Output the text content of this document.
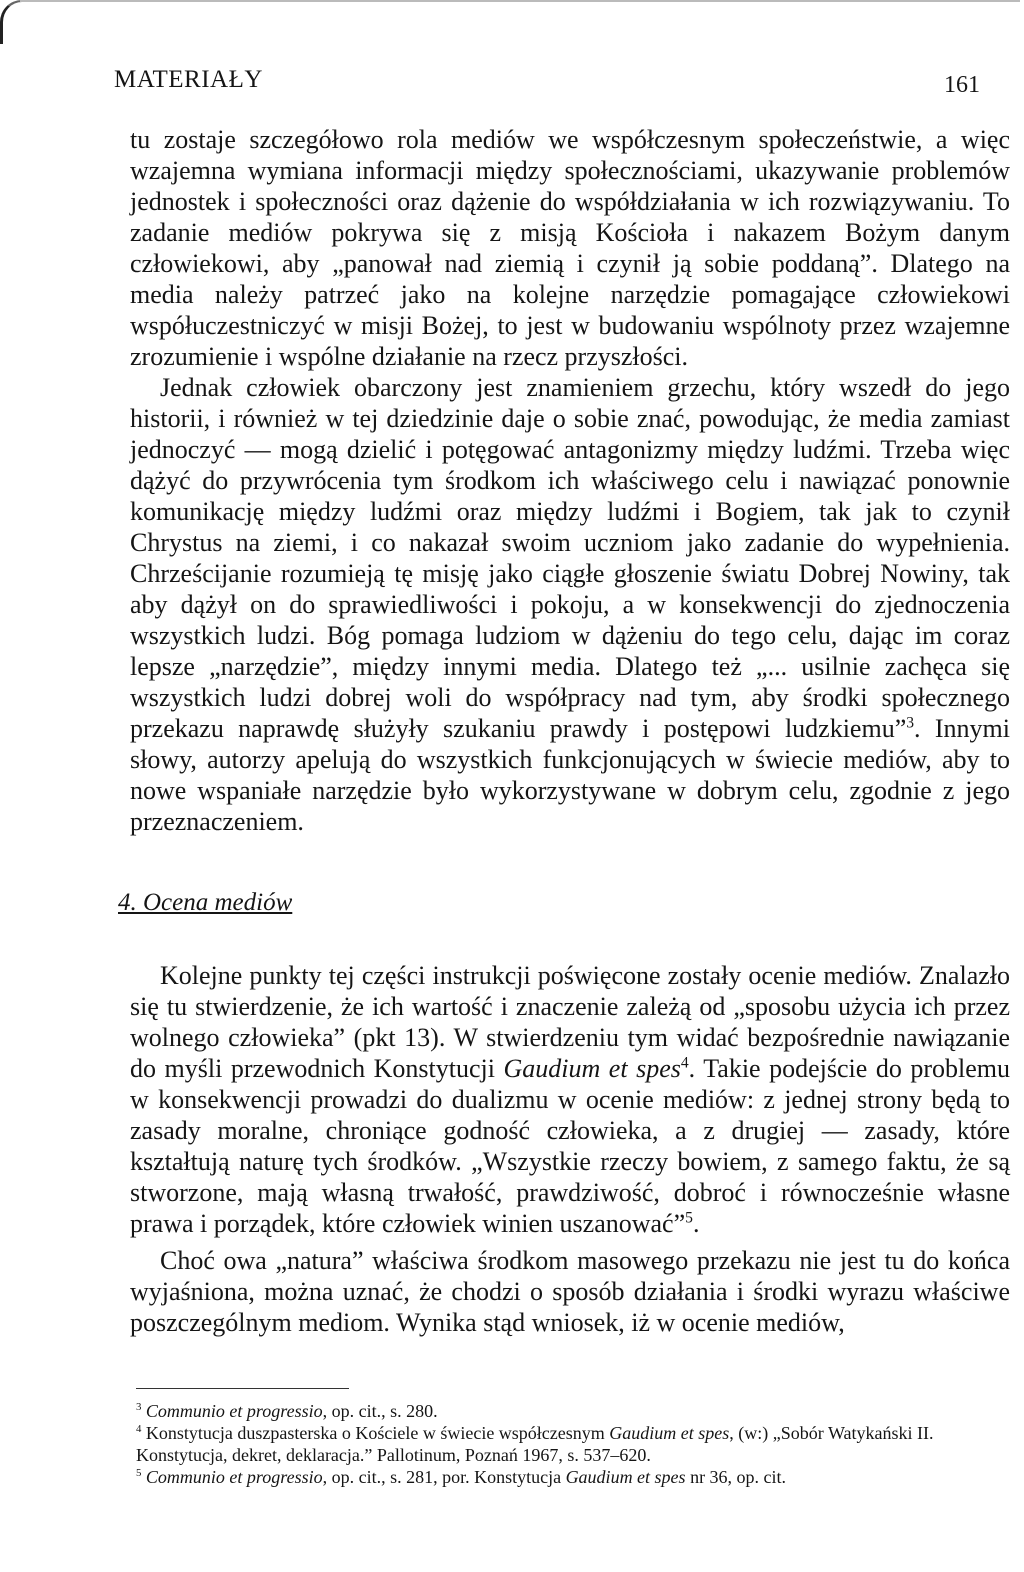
MATERIAŁY	161

tu zostaje szczegółowo rola mediów we współczesnym społeczeństwie, a więc wzajemna wymiana informacji między społecznościami, ukazywanie problemów jednostek i społeczności oraz dążenie do współdziałania w ich rozwiązywaniu. To zadanie mediów pokrywa się z misją Kościoła i nakazem Bożym danym człowiekowi, aby „panował nad ziemią i czynił ją sobie poddaną”. Dlatego na media należy patrzeć jako na kolejne narzędzie pomagające człowiekowi współuczestniczyć w misji Bożej, to jest w budowaniu wspólnoty przez wzajemne zrozumienie i wspólne działanie na rzecz przyszłości.

Jednak człowiek obarczony jest znamieniem grzechu, który wszedł do jego historii, i również w tej dziedzinie daje o sobie znać, powodując, że media zamiast jednoczyć — mogą dzielić i potęgować antagonizmy między ludźmi. Trzeba więc dążyć do przywrócenia tym środkom ich właściwego celu i nawiązać ponownie komunikację między ludźmi oraz między ludźmi i Bogiem, tak jak to czynił Chrystus na ziemi, i co nakazał swoim uczniom jako zadanie do wypełnienia. Chrześcijanie rozumieją tę misję jako ciągłe głoszenie światu Dobrej Nowiny, tak aby dążył on do sprawiedliwości i pokoju, a w konsekwencji do zjednoczenia wszystkich ludzi. Bóg pomaga ludziom w dążeniu do tego celu, dając im coraz lepsze „narzędzie”, między innymi media. Dlatego też „... usilnie zachęca się wszystkich ludzi dobrej woli do współpracy nad tym, aby środki społecznego przekazu naprawdę służyły szukaniu prawdy i postępowi ludzkiemu”$^3$. Innymi słowy, autorzy apelują do wszystkich funkcjonujących w świecie mediów, aby to nowe wspaniałe narzędzie było wykorzystywane w dobrym celu, zgodnie z jego przeznaczeniem.

4. Ocena mediów

Kolejne punkty tej części instrukcji poświęcone zostały ocenie mediów. Znalazło się tu stwierdzenie, że ich wartość i znaczenie zależą od „sposobu użycia ich przez wolnego człowieka” (pkt 13). W stwierdzeniu tym widać bezpośrednie nawiązanie do myśli przewodnich Konstytucji Gaudium et spes$^4$. Takie podejście do problemu w konsekwencji prowadzi do dualizmu w ocenie mediów: z jednej strony będą to zasady moralne, chroniące godność człowieka, a z drugiej — zasady, które kształtują naturę tych środków. „Wszystkie rzeczy bowiem, z samego faktu, że są stworzone, mają własną trwałość, prawdziwość, dobroć i równocześnie własne prawa i porządek, które człowiek winien uszanować”$^5$.

Choć owa „natura” właściwa środkom masowego przekazu nie jest tu do końca wyjaśniona, można uznać, że chodzi o sposób działania i środki wyrazu właściwe poszczególnym mediom. Wynika stąd wniosek, iż w ocenie mediów,

$^3$ Communio et progressio, op. cit., s. 280.

$^4$ Konstytucja duszpasterska o Kościele w świecie współczesnym Gaudium et spes, (w:) „Sobór Watykański II. Konstytucja, dekret, deklaracja.” Pallotinum, Poznań 1967, s. 537–620.

$^5$ Communio et progressio, op. cit., s. 281, por. Konstytucja Gaudium et spes nr 36, op. cit.
